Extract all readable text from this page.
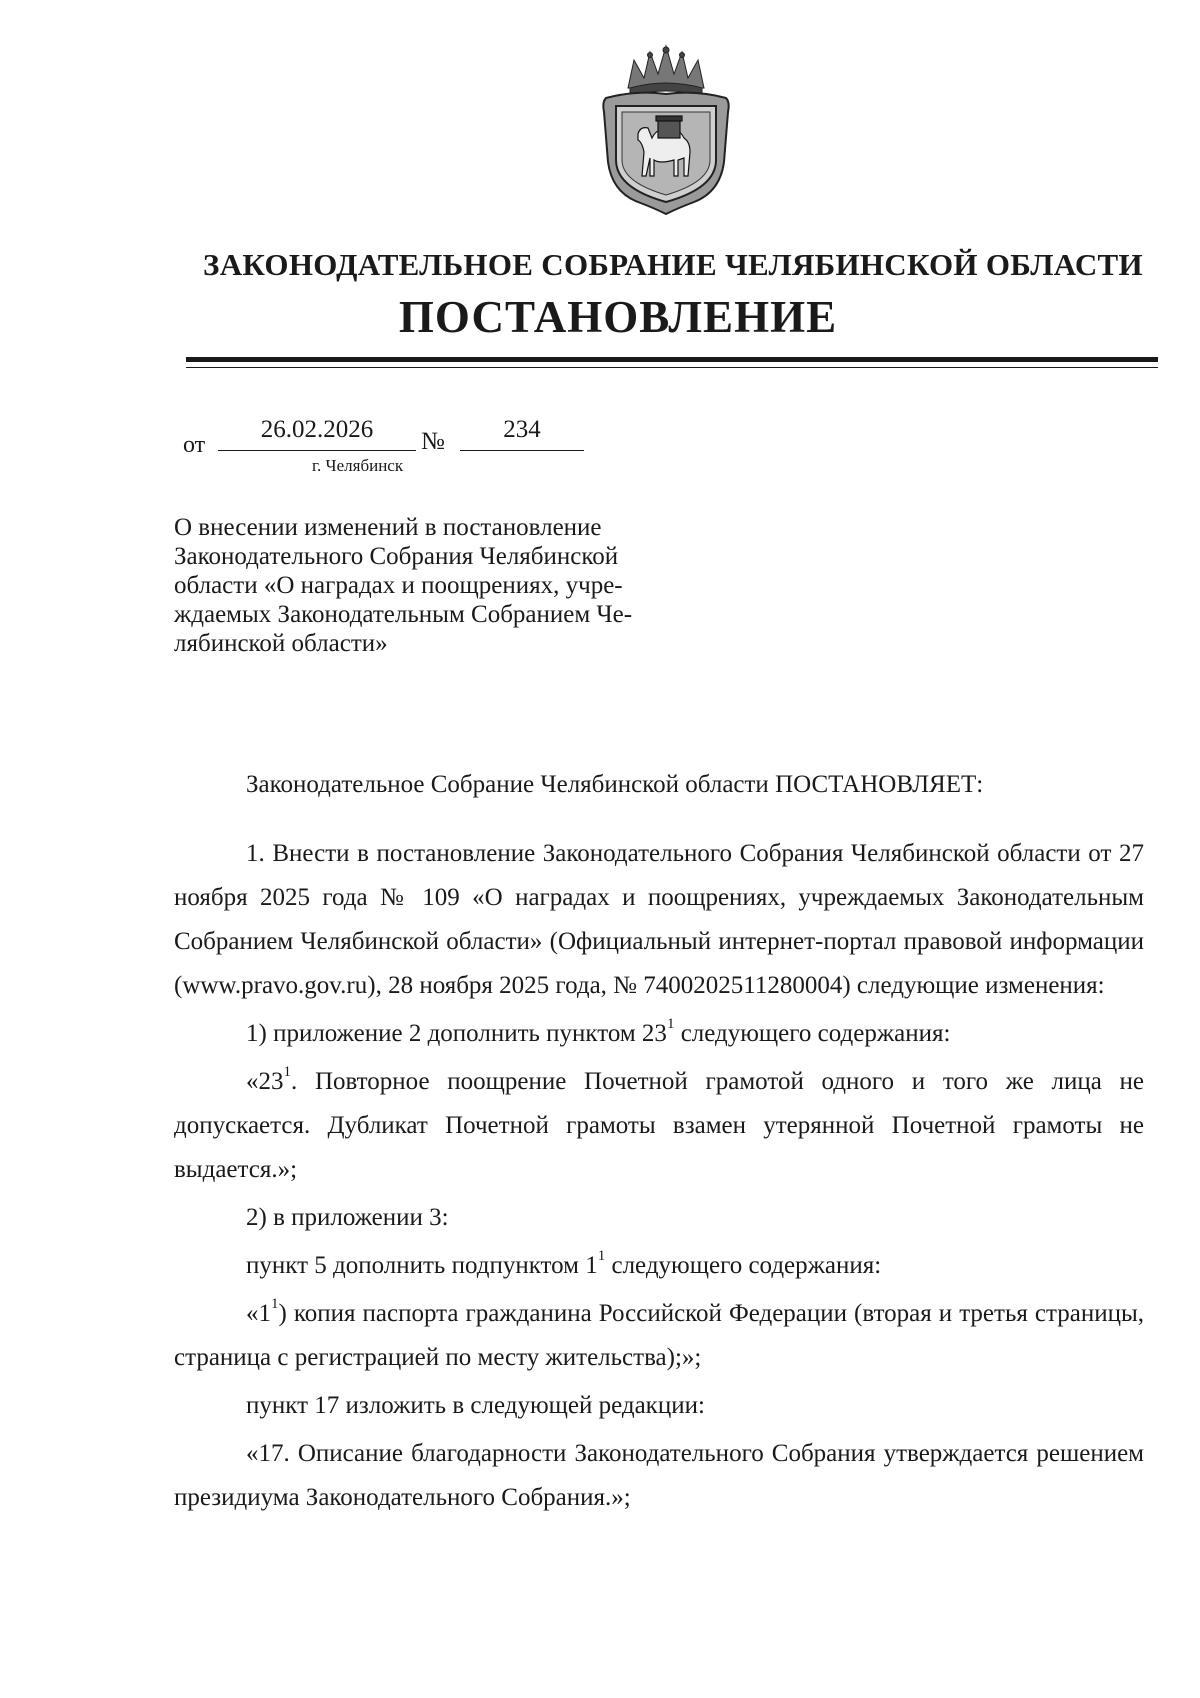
ЗАКОНОДАТЕЛЬНОЕ СОБРАНИЕ ЧЕЛЯБИНСКОЙ ОБЛАСТИ
ПОСТАНОВЛЕНИЕ
от
26.02.2026	№	234
г. Челябинск
О внесении изменений в постановление
Законодательного Собрания Челябинской
области «О наградах и поощрениях, учре-
ждаемых Законодательным Собранием Че-
лябинской области»
Законодательное Собрание Челябинской области ПОСТАНОВЛЯЕТ:

1. Внести в постановление Законодательного Собрания Челябинской области от 27 ноября 2025 года № 109 «О наградах и поощрениях, учреждаемых Законодательным Собранием Челябинской области» (Официальный интернет-портал правовой информации (www.pravo.gov.ru), 28 ноября 2025 года, № 7400202511280004) следующие изменения:

1) приложение 2 дополнить пунктом $23^1$ следующего содержания:

«$23^1$. Повторное поощрение Почетной грамотой одного и того же лица не допускается. Дубликат Почетной грамоты взамен утерянной Почетной грамоты не выдается.»;

2) в приложении 3:

пункт 5 дополнить подпунктом $1^1$ следующего содержания:

«$1^1$) копия паспорта гражданина Российской Федерации (вторая и третья страницы, страница с регистрацией по месту жительства);»;

пункт 17 изложить в следующей редакции:

«17. Описание благодарности Законодательного Собрания утверждается решением президиума Законодательного Собрания.»;
